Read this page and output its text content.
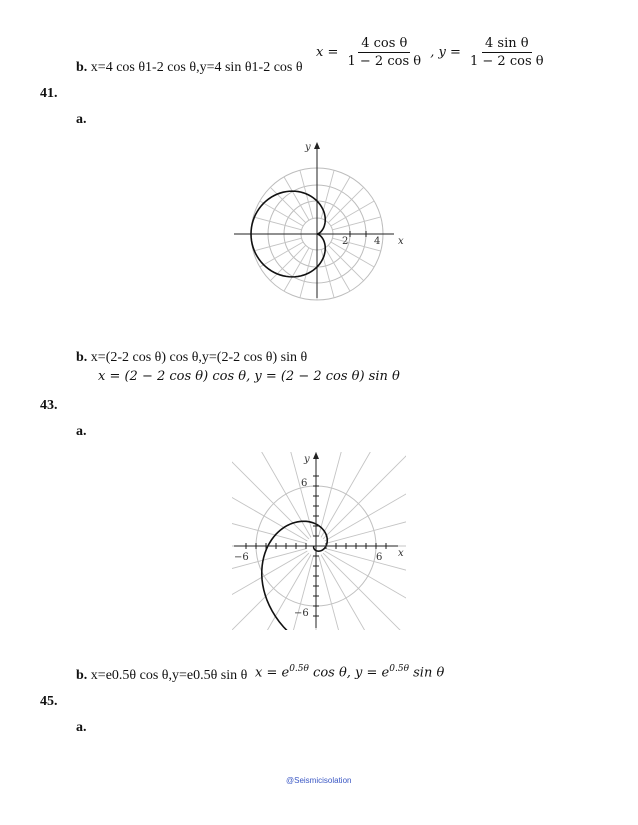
b. x=4 cos θ1-2 cos θ,y=4 sin θ1-2 cos θ
$x = \frac{\text{4 cos θ}}{\text{1 − 2 cos θ}}$ , $y = \frac{\text{4 sin θ}}{\text{1 − 2 cos θ}}$
41.
a.
y
x
2	4
b. x=(2-2 cos θ) cos θ,y=(2-2 cos θ) sin θ
x = (2 − 2 cos θ) cos θ, y = (2 − 2 cos θ) sin θ
43.
a.
y
x
6
−6	6
−6
b. x=e0.5θ cos θ,y=e0.5θ sin θ $x = e^{0.5\theta}$ cos θ, $y = e^{0.5\theta}$ sin θ
45.
a.
@Seismicisolation
